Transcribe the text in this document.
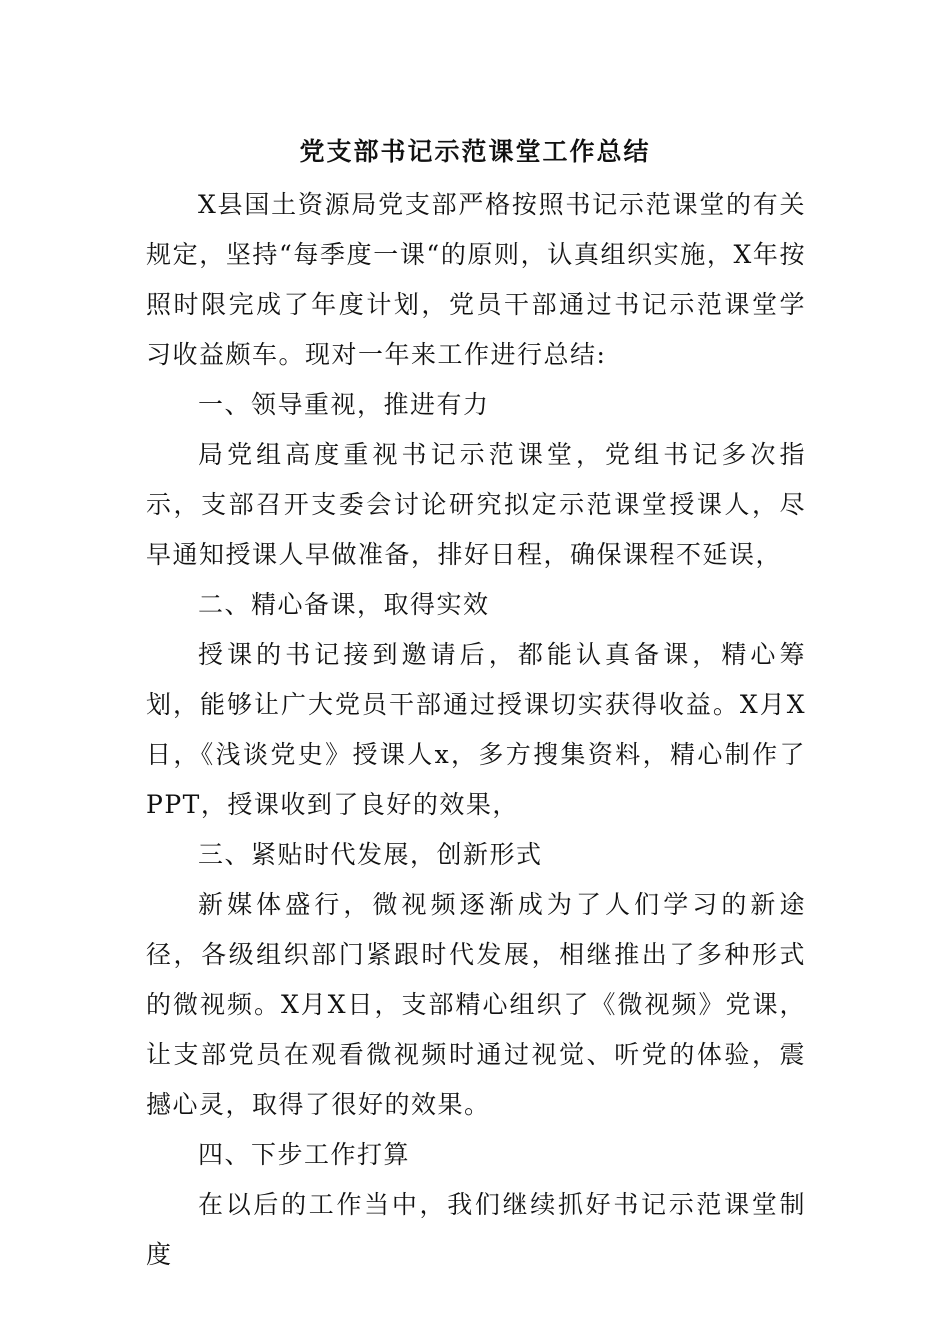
党支部书记示范课堂工作总结

X县国土资源局党支部严格按照书记示范课堂的有关规定，坚持“每季度一课“的原则，认真组织实施，X年按照时限完成了年度计划，党员干部通过书记示范课堂学习收益颇车。现对一年来工作进行总结:

一、领导重视，推进有力

局党组高度重视书记示范课堂，党组书记多次指示，支部召开支委会讨论研究拟定示范课堂授课人，尽早通知授课人早做准备，排好日程，确保课程不延误，

二、精心备课，取得实效

授课的书记接到邀请后，都能认真备课，精心筹划，能够让广大党员干部通过授课切实获得收益。X月X日，《浅谈党史》授课人x，多方搜集资料，精心制作了PPT，授课收到了良好的效果，

三、紧贴时代发展，创新形式

新媒体盛行，微视频逐渐成为了人们学习的新途径，各级组织部门紧跟时代发展，相继推出了多种形式的微视频。X月X日，支部精心组织了《微视频》党课，让支部党员在观看微视频时通过视觉、听党的体验，震撼心灵，取得了很好的效果。

四、下步工作打算

在以后的工作当中，我们继续抓好书记示范课堂制度
